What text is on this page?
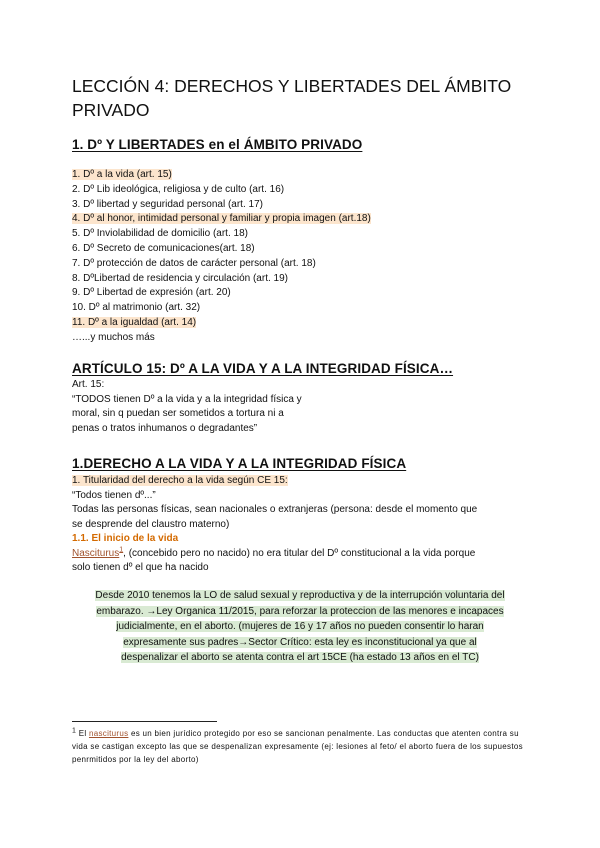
LECCIÓN 4: DERECHOS Y LIBERTADES DEL ÁMBITO PRIVADO
1. Dº Y LIBERTADES en el ÁMBITO PRIVADO
1. Dº a la vida (art. 15)
2. Dº Lib ideológica, religiosa y de culto (art. 16)
3. Dº libertad y seguridad personal (art. 17)
4. Dº al honor, intimidad personal y familiar y propia imagen (art.18)
5. Dº Inviolabilidad de domicilio (art. 18)
6. Dº Secreto de comunicaciones(art. 18)
7. Dº protección de datos de carácter personal (art. 18)
8. DºLibertad de residencia y circulación (art. 19)
9. Dº Libertad de expresión (art. 20)
10. Dº al matrimonio (art. 32)
11. Dº a la igualdad (art. 14)
…...y muchos más
ARTÍCULO 15: Dº A LA VIDA Y A LA INTEGRIDAD FÍSICA…
Art. 15:
“TODOS tienen Dº a la vida y a la integridad física y
moral, sin q puedan ser sometidos a tortura ni a
penas o tratos inhumanos o degradantes”
1.DERECHO A LA VIDA Y A LA INTEGRIDAD FÍSICA
1. Titularidad del derecho a la vida según CE 15:
“Todos tienen dº...”
Todas las personas físicas, sean nacionales o extranjeras (persona: desde el momento que
se desprende del claustro materno)
1.1. El inicio de la vida
Nasciturus$^1$, (concebido pero no nacido) no era titular del Dº constitucional a la vida porque
solo tienen dº el que ha nacido
Desde 2010 tenemos la LO de salud sexual y reproductiva y de la interrupción voluntaria del
embarazo. →Ley Organica 11/2015, para reforzar la proteccion de las menores e incapaces
judicialmente, en el aborto. (mujeres de 16 y 17 años no pueden consentir lo haran
expresamente sus padres→Sector Crítico: esta ley es inconstitucional ya que al
despenalizar el aborto se atenta contra el art 15CE (ha estado 13 años en el TC)
$^1$ El nasciturus es un bien jurídico protegido por eso se sancionan penalmente. Las conductas que atenten contra su vida se castigan excepto las que se despenalizan expresamente (ej: lesiones al feto/ el aborto fuera de los supuestos penrmitidos por la ley del aborto)
